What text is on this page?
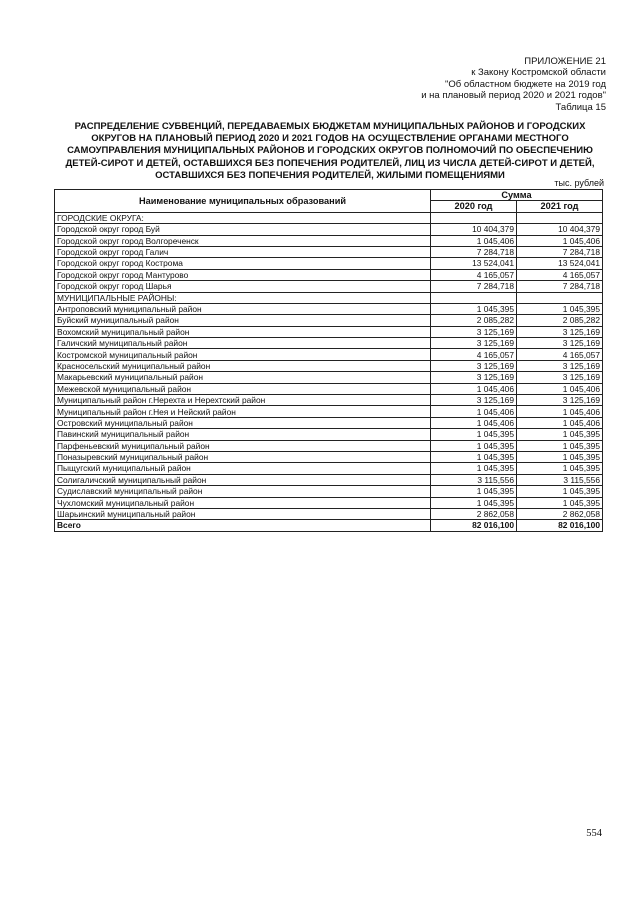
ПРИЛОЖЕНИЕ 21
к Закону Костромской области
"Об областном бюджете на 2019 год
и на плановый период 2020 и 2021 годов"
Таблица 15
РАСПРЕДЕЛЕНИЕ СУБВЕНЦИЙ, ПЕРЕДАВАЕМЫХ БЮДЖЕТАМ МУНИЦИПАЛЬНЫХ РАЙОНОВ И ГОРОДСКИХ
ОКРУГОВ НА ПЛАНОВЫЙ ПЕРИОД 2020 И 2021 ГОДОВ НА ОСУЩЕСТВЛЕНИЕ ОРГАНАМИ МЕСТНОГО
САМОУПРАВЛЕНИЯ МУНИЦИПАЛЬНЫХ РАЙОНОВ И ГОРОДСКИХ ОКРУГОВ ПОЛНОМОЧИЙ ПО ОБЕСПЕЧЕНИЮ
ДЕТЕЙ-СИРОТ И ДЕТЕЙ, ОСТАВШИХСЯ БЕЗ ПОПЕЧЕНИЯ РОДИТЕЛЕЙ, ЛИЦ ИЗ ЧИСЛА ДЕТЕЙ-СИРОТ И ДЕТЕЙ,
ОСТАВШИХСЯ БЕЗ ПОПЕЧЕНИЯ РОДИТЕЛЕЙ, ЖИЛЫМИ ПОМЕЩЕНИЯМИ
тыс. рублей
Наименование муниципальных образований	Сумма	
	2020 год	2021 год
ГОРОДСКИЕ ОКРУГА:		
Городской округ город Буй	10 404,379	10 404,379
Городской округ город Волгореченск	1 045,406	1 045,406
Городской округ город Галич	7 284,718	7 284,718
Городской округ город Кострома	13 524,041	13 524,041
Городской округ город Мантурово	4 165,057	4 165,057
Городской округ город Шарья	7 284,718	7 284,718
МУНИЦИПАЛЬНЫЕ РАЙОНЫ:		
Антроповский муниципальный район	1 045,395	1 045,395
Буйский муниципальный район	2 085,282	2 085,282
Вохомский муниципальный район	3 125,169	3 125,169
Галичский муниципальный район	3 125,169	3 125,169
Костромской муниципальный район	4 165,057	4 165,057
Красносельский муниципальный район	3 125,169	3 125,169
Макарьевский муниципальный район	3 125,169	3 125,169
Межевской муниципальный район	1 045,406	1 045,406
Муниципальный район г.Нерехта и Нерехтский район	3 125,169	3 125,169
Муниципальный район г.Нея и Нейский район	1 045,406	1 045,406
Островский муниципальный район	1 045,406	1 045,406
Павинский муниципальный район	1 045,395	1 045,395
Парфеньевский муниципальный район	1 045,395	1 045,395
Поназыревский муниципальный район	1 045,395	1 045,395
Пыщугский муниципальный район	1 045,395	1 045,395
Солигаличский муниципальный район	3 115,556	3 115,556
Судиславский муниципальный район	1 045,395	1 045,395
Чухломский муниципальный район	1 045,395	1 045,395
Шарьинский муниципальный район	2 862,058	2 862,058
Всего	82 016,100	82 016,100
554
